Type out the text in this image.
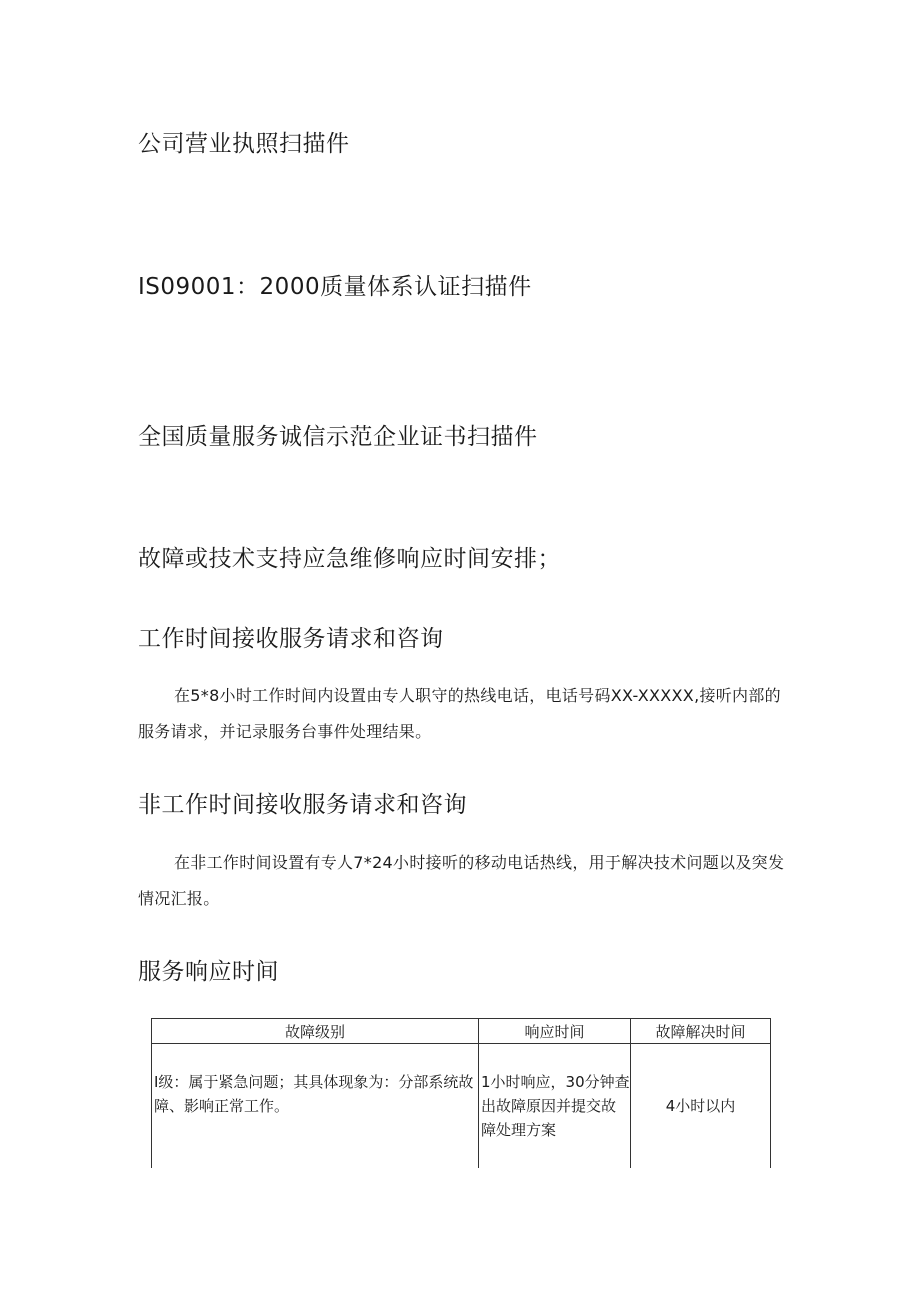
公司营业执照扫描件
IS09001：2000质量体系认证扫描件
全国质量服务诚信示范企业证书扫描件
故障或技术支持应急维修响应时间安排；
工作时间接收服务请求和咨询
在5*8小时工作时间内设置由专人职守的热线电话，电话号码XX-XXXXX,接听内部的服务请求，并记录服务台事件处理结果。
非工作时间接收服务请求和咨询
在非工作时间设置有专人7*24小时接听的移动电话热线，用于解决技术问题以及突发情况汇报。
服务响应时间
故障级别	响应时间	故障解决时间
I级：属于紧急问题；其具体现象为：分部系统故障、影响正常工作。	1小时响应，30分钟查出故障原因并提交故障处理方案	4小时以内
